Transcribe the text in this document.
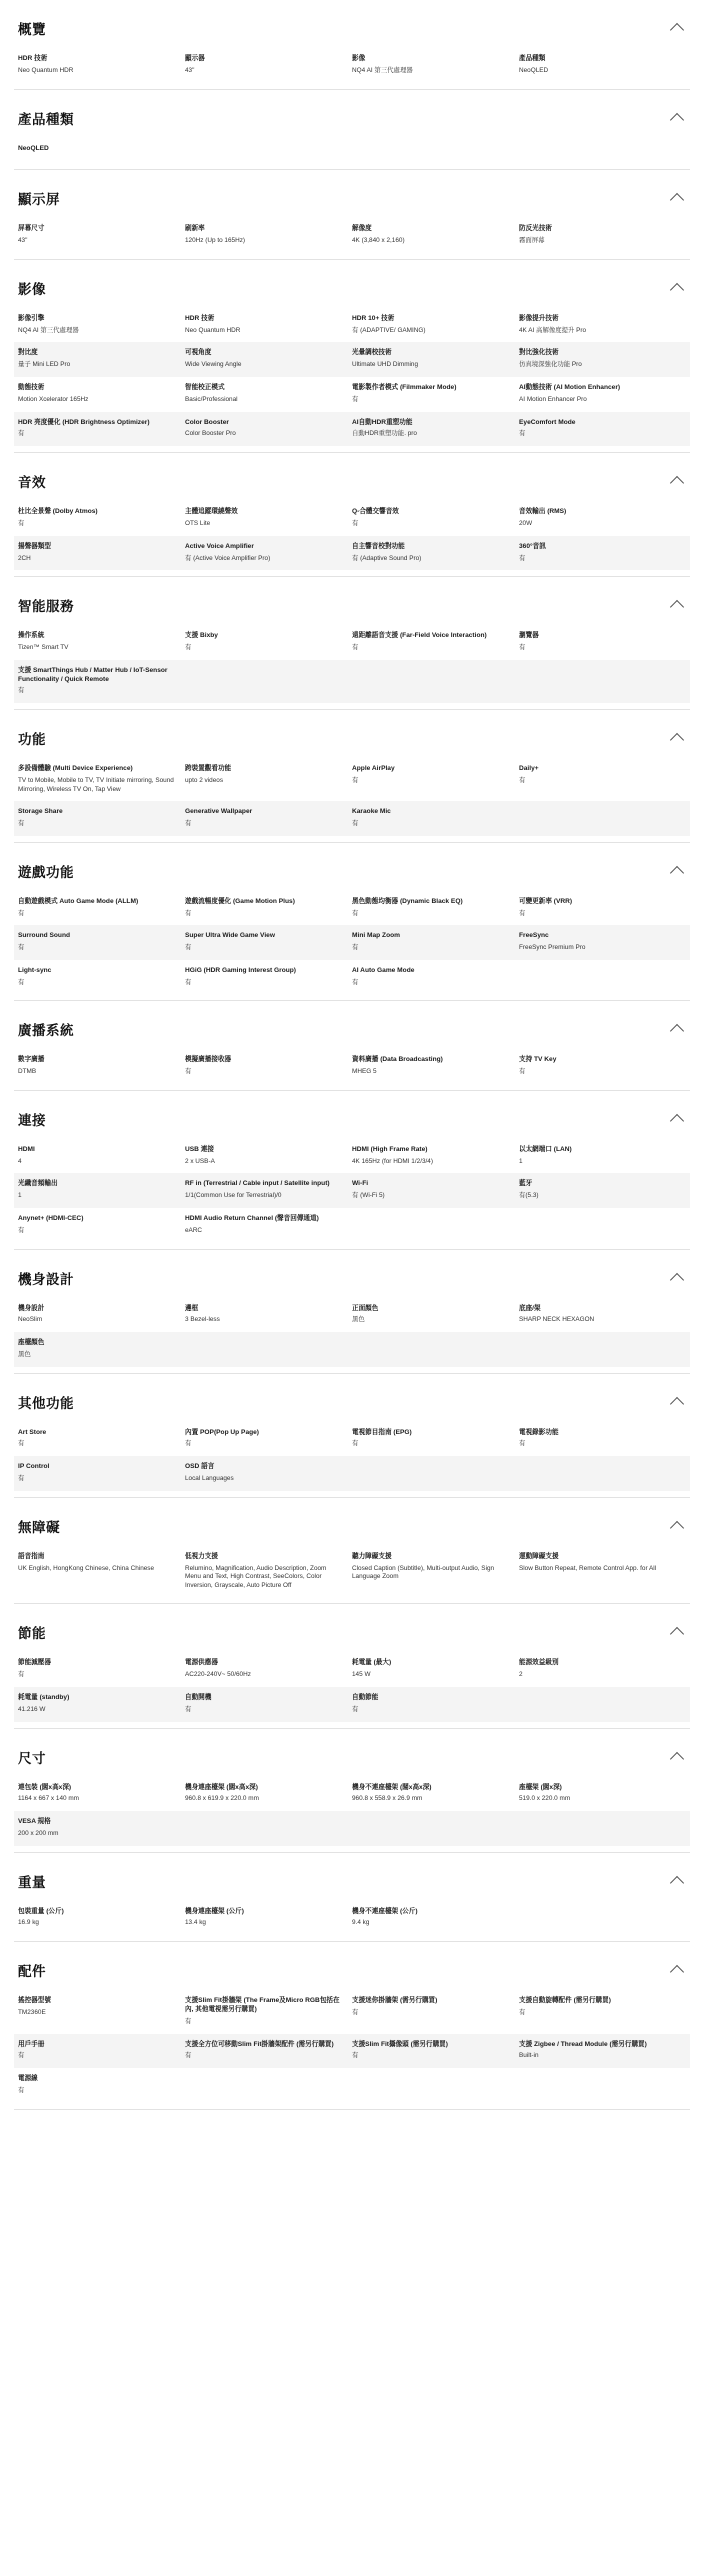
概覽
HDR 技術
Neo Quantum HDR
顯示器
43"
影像
NQ4 AI 第三代處理器
產品種類
NeoQLED
產品種類
NeoQLED
顯示屏
屏幕尺寸
43"
刷新率
120Hz (Up to 165Hz)
解像度
4K (3,840 x 2,160)
防反光技術
霧面屏幕
影像
影像引擎
NQ4 AI 第三代處理器
HDR 技術
Neo Quantum HDR
HDR 10+ 技術
有 (ADAPTIVE/ GAMING)
影像提升技術
4K AI 高解像度提升 Pro
對比度
量子 Mini LED Pro
可視角度
Wide Viewing Angle
光暈調校技術
Ultimate UHD Dimming
對比強化技術
仿真境深強化功能 Pro
動態技術
Motion Xcelerator 165Hz
智能校正模式
Basic/Professional
電影製作者模式 (Filmmaker Mode)
有
AI動態技術 (AI Motion Enhancer)
AI Motion Enhancer Pro
HDR 亮度優化 (HDR Brightness Optimizer)
有
Color Booster
Color Booster Pro
AI自動HDR重塑功能
自動HDR重塑功能. pro
EyeComfort Mode
有
音效
杜比全景聲 (Dolby Atmos)
有
主體追蹤環繞聲效
OTS Lite
Q-合體交響音效
有
音效輸出 (RMS)
20W
揚聲器類型
2CH
Active Voice Amplifier
有 (Active Voice Amplifier Pro)
自主響音校對功能
有 (Adaptive Sound Pro)
360°音訊
有
智能服務
操作系統
Tizen™ Smart TV
支援 Bixby
有
遠距離語音支援 (Far-Field Voice Interaction)
有
瀏覽器
有
支援 SmartThings Hub / Matter Hub / IoT-Sensor Functionality / Quick Remote
有
功能
多設備體驗 (Multi Device Experience)
TV to Mobile, Mobile to TV, TV Initiate mirroring, Sound Mirroring, Wireless TV On, Tap View
跨裝置觀看功能
upto 2 videos
Apple AirPlay
有
Daily+
有
Storage Share
有
Generative Wallpaper
有
Karaoke Mic
有
遊戲功能
自動遊戲模式 Auto Game Mode (ALLM)
有
遊戲流暢度優化 (Game Motion Plus)
有
黑色動態均衡器 (Dynamic Black EQ)
有
可變更新率 (VRR)
有
Surround Sound
有
Super Ultra Wide Game View
有
Mini Map Zoom
有
FreeSync
FreeSync Premium Pro
Light-sync
有
HGiG (HDR Gaming Interest Group)
有
AI Auto Game Mode
有
廣播系統
數字廣播
DTMB
模擬廣播接收器
有
資料廣播 (Data Broadcasting)
MHEG 5
支持 TV Key
有
連接
HDMI
4
USB 連接
2 x USB-A
HDMI (High Frame Rate)
4K 165Hz (for HDMI 1/2/3/4)
以太網端口 (LAN)
1
光纖音頻輸出
1
RF in (Terrestrial / Cable input / Satellite input)
1/1(Common Use for Terrestrial)/0
Wi-Fi
有 (Wi-Fi 5)
藍牙
有(5.3)
Anynet+ (HDMI-CEC)
有
HDMI Audio Return Channel (聲音回傳通道)
eARC
機身設計
機身設計
NeoSlim
邊框
3 Bezel-less
正面顏色
黑色
底座/架
SHARP NECK HEXAGON
座檯顏色
黑色
其他功能
Art Store
有
內置 POP(Pop Up Page)
有
電視節目指南 (EPG)
有
電視錄影功能
有
IP Control
有
OSD 語言
Local Languages
無障礙
語音指南
UK English, HongKong Chinese, China Chinese
低視力支援
Relumino, Magnification, Audio Description, Zoom Menu and Text, High Contrast, SeeColors, Color Inversion, Grayscale, Auto Picture Off
聽力障礙支援
Closed Caption (Subtitle), Multi-output Audio, Sign Language Zoom
運動障礙支援
Slow Button Repeat, Remote Control App. for All
節能
節能減壓器
有
電源供應器
AC220-240V~ 50/60Hz
耗電量 (最大)
145 W
能源效益級別
2
耗電量 (standby)
41.216 W
自動開機
有
自動節能
有
尺寸
連包裝 (闊x高x深)
1164 x 667 x 140 mm
機身連座檯架 (闊x高x深)
960.8 x 619.9 x 220.0 mm
機身不連座檯架 (闊x高x深)
960.8 x 558.9 x 26.9 mm
座檯架 (闊x深)
519.0 x 220.0 mm
VESA 規格
200 x 200 mm
重量
包裝重量 (公斤)
16.9 kg
機身連座檯架 (公斤)
13.4 kg
機身不連座檯架 (公斤)
9.4 kg
配件
搖控器型號
TM2360E
支援Slim Fit掛牆架 (The Frame及Micro RGB包括在內, 其他電視需另行購買)
有
支援迷你掛牆架 (需另行購買)
有
支援自動旋轉配件 (需另行購買)
有
用戶手冊
有
支援全方位可移動Slim Fit掛牆架配件 (需另行購買)
有
支援Slim Fit攝像頭 (需另行購買)
有
支援 Zigbee / Thread Module (需另行購買)
Built-in
電源線
有
